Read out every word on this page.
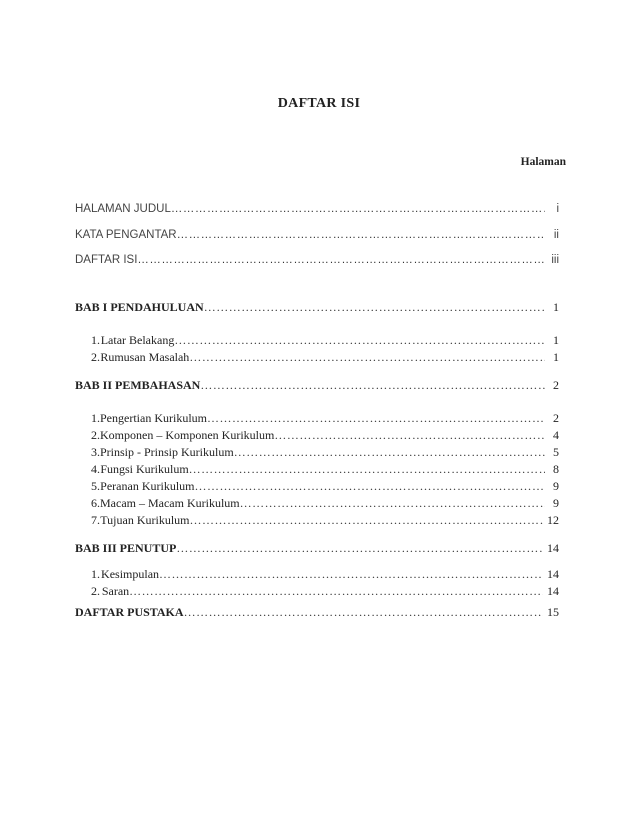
DAFTAR ISI
Halaman
HALAMAN JUDUL …………………………………………………………………………………………………………………………………………………	i
KATA PENGANTAR …………………………………………………………………………………………………………………………………………………	ii
DAFTAR ISI …………………………………………………………………………………………………………………………………………………	iii
BAB I PENDAHULUAN …………………………………………………………………………………………………………………………………………………	1
1. Latar Belakang …………………………………………………………………………………………………………………………………………………	1
2. Rumusan Masalah …………………………………………………………………………………………………………………………………………………	1
BAB II PEMBAHASAN …………………………………………………………………………………………………………………………………………………	2
1. Pengertian Kurikulum …………………………………………………………………………………………………………………………………………………	2
2. Komponen – Komponen Kurikulum …………………………………………………………………………………………………………………………………………………	4
3. Prinsip - Prinsip Kurikulum …………………………………………………………………………………………………………………………………………………	5
4. Fungsi Kurikulum …………………………………………………………………………………………………………………………………………………	8
5. Peranan Kurikulum …………………………………………………………………………………………………………………………………………………	9
6. Macam – Macam Kurikulum …………………………………………………………………………………………………………………………………………………	9
7. Tujuan Kurikulum …………………………………………………………………………………………………………………………………………………	12
BAB III PENUTUP …………………………………………………………………………………………………………………………………………………	14
1. Kesimpulan …………………………………………………………………………………………………………………………………………………	14
2. Saran …………………………………………………………………………………………………………………………………………………	14
DAFTAR PUSTAKA …………………………………………………………………………………………………………………………………………………	15
